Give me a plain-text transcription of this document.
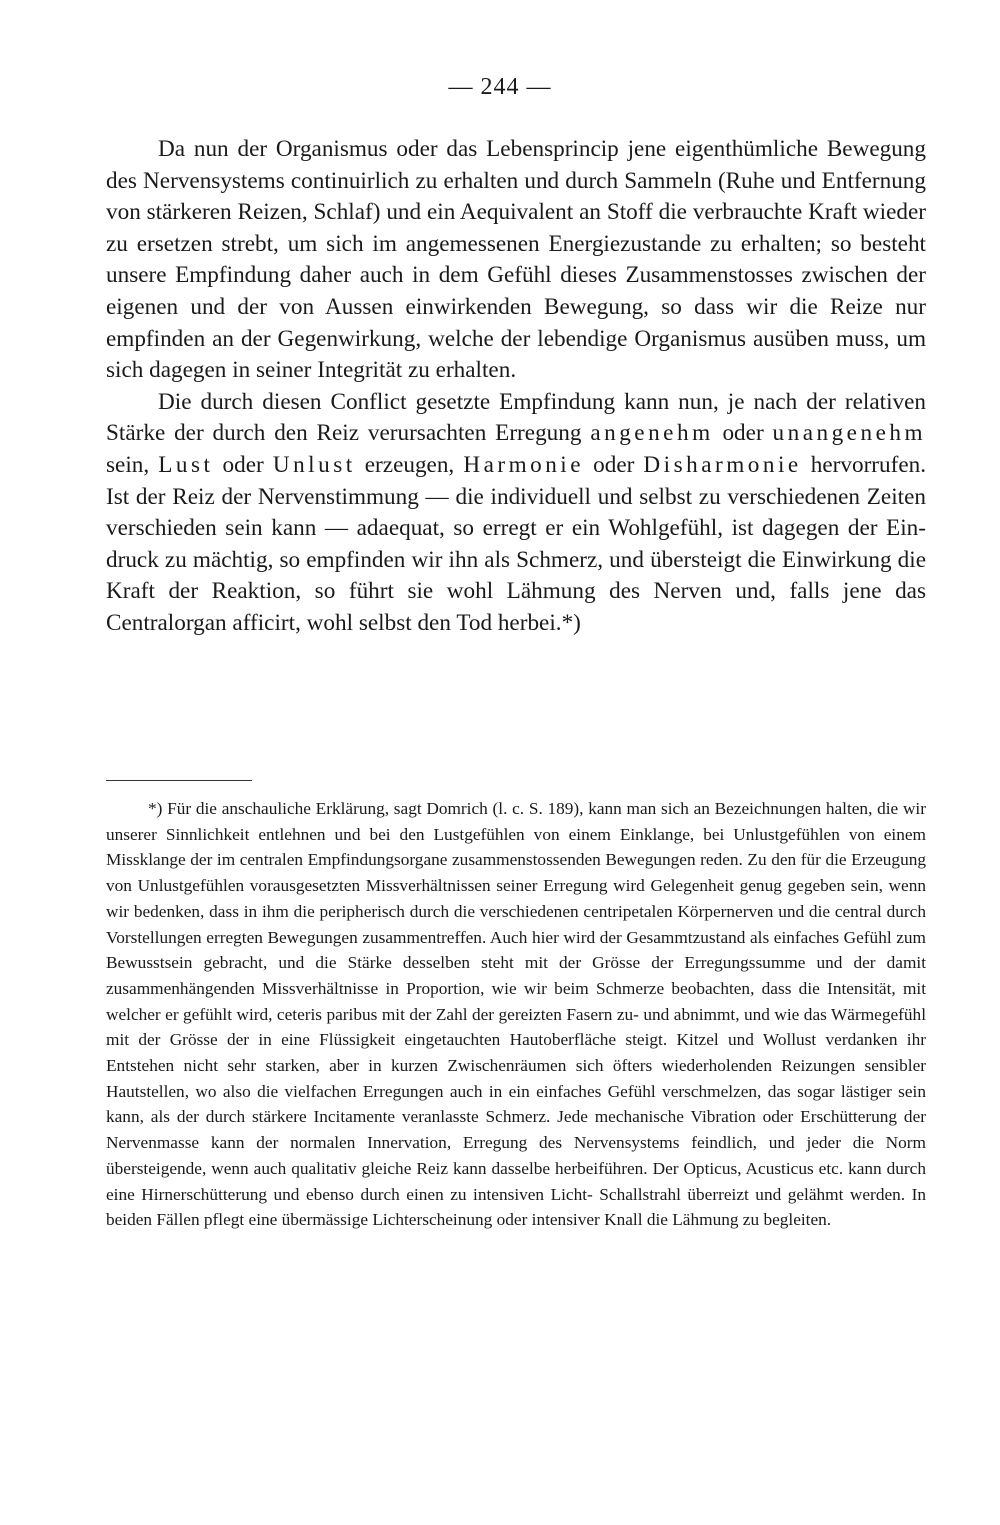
— 244 —

Da nun der Organismus oder das Lebensprincip jene eigenthümliche Bewegung des Nervensystems continuirlich zu erhalten und durch Sammeln (Ruhe und Entfernung von stärkeren Reizen, Schlaf) und ein Aequivalent an Stoff die verbrauchte Kraft wieder zu ersetzen strebt, um sich im angemessenen Energiezustande zu erhalten; so besteht unsere Empfindung daher auch in dem Gefühl dieses Zusammenstosses zwischen der eigenen und der von Aussen einwirkenden Bewegung, so dass wir die Reize nur empfinden an der Gegenwirkung, welche der lebendige Organismus ausüben muss, um sich dagegen in seiner Integrität zu erhalten.

Die durch diesen Conflict gesetzte Empfindung kann nun, je nach der relativen Stärke der durch den Reiz verursachten Erregung angenehm oder unangenehm sein, Lust oder Unlust erzeugen, Harmonie oder Disharmonie hervorrufen. Ist der Reiz der Nervenstimmung — die individuell und selbst zu verschiedenen Zeiten verschieden sein kann — adaequat, so erregt er ein Wohlgefühl, ist dagegen der Eindruck zu mächtig, so empfinden wir ihn als Schmerz, und übersteigt die Einwirkung die Kraft der Reaktion, so führt sie wohl Lähmung des Nerven und, falls jene das Centralorgan afficirt, wohl selbst den Tod herbei.*)

*) Für die anschauliche Erklärung, sagt Domrich (l. c. S. 189), kann man sich an Bezeichnungen halten, die wir unserer Sinnlichkeit entlehnen und bei den Lustgefühlen von einem Einklange, bei Unlustgefühlen von einem Missklange der im centralen Empfindungsorgane zusammenstossenden Bewegungen reden. Zu den für die Erzeugung von Unlustgefühlen vorausgesetzten Missverhältnissen seiner Erregung wird Gelegenheit genug gegeben sein, wenn wir bedenken, dass in ihm die peripherisch durch die verschiedenen centripetalen Körpernerven und die central durch Vorstellungen erregten Bewegungen zusammentreffen. Auch hier wird der Gesammtzustand als einfaches Gefühl zum Bewusstsein gebracht, und die Stärke desselben steht mit der Grösse der Erregungssumme und der damit zusammenhängenden Missverhältnisse in Proportion, wie wir beim Schmerze beobachten, dass die Intensität, mit welcher er gefühlt wird, ceteris paribus mit der Zahl der gereizten Fasern zu- und abnimmt, und wie das Wärmegefühl mit der Grösse der in eine Flüssigkeit eingetauchten Hautoberfläche steigt. Kitzel und Wollust verdanken ihr Entstehen nicht sehr starken, aber in kurzen Zwischenräumen sich öfters wiederholenden Reizungen sensibler Hautstellen, wo also die vielfachen Erregungen auch in ein einfaches Gefühl verschmelzen, das sogar lästiger sein kann, als der durch stärkere Incitamente veranlasste Schmerz. Jede mechanische Vibration oder Erschütterung der Nervenmasse kann der normalen Innervation, Erregung des Nervensystems feindlich, und jeder die Norm übersteigende, wenn auch qualitativ gleiche Reiz kann dasselbe herbeiführen. Der Opticus, Acusticus etc. kann durch eine Hirnerschütterung und ebenso durch einen zu intensiven Licht- Schallstrahl überreizt und gelähmt werden. In beiden Fällen pflegt eine übermässige Lichterscheinung oder intensiver Knall die Lähmung zu begleiten.
